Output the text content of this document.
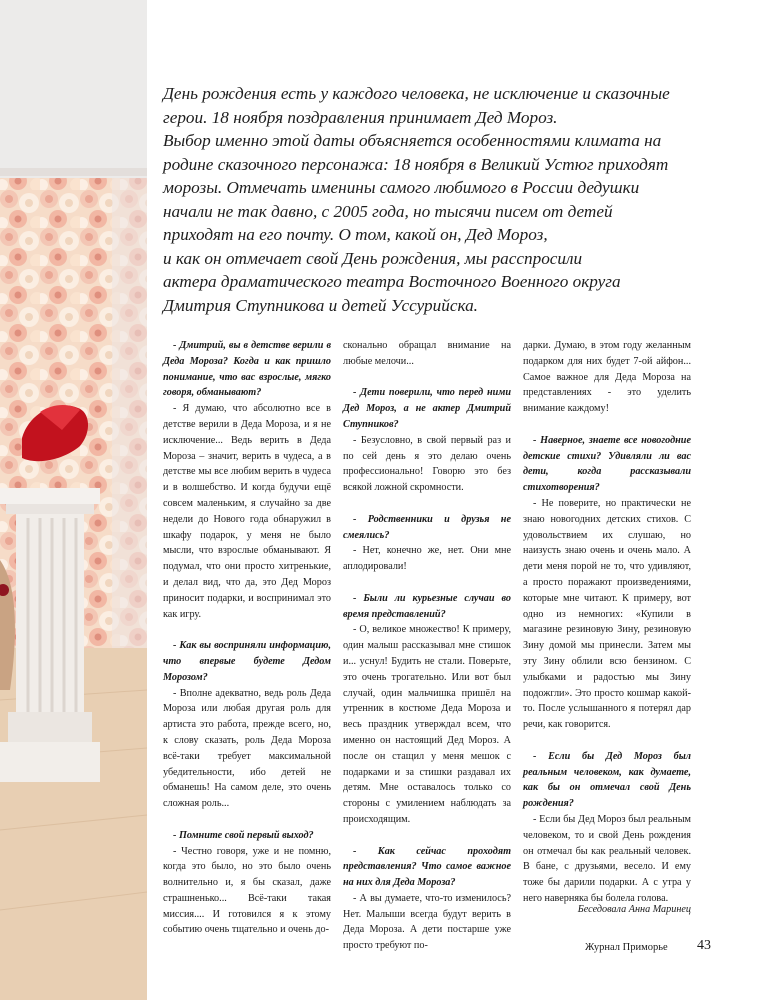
День рождения есть у каждого человека, не исключение и сказочные
герои. 18 ноября поздравления принимает Дед Мороз.
Выбор именно этой даты объясняется особенностями климата на
родине сказочного персонажа: 18 ноября в Великий Устюг приходят
морозы. Отмечать именины самого любимого в России дедушки
начали не так давно, с 2005 года, но тысячи писем от детей
приходят на его почту. О том, какой он, Дед Мороз,
и как он отмечает свой День рождения, мы расспросили
актера драматического театра Восточного Военного округа
Дмитрия Ступникова и детей Уссурийска.

- Дмитрий, вы в детстве верили в Деда Мороза? Когда и как пришло понимание, что вас взрослые, мягко говоря, обманывают?

- Я думаю, что абсолютно все в детстве верили в Деда Мороза, и я не исключение... Ведь верить в Деда Мороза – значит, верить в чудеса, а в детстве мы все любим верить в чудеса и в волшебство. И когда будучи ещё совсем маленьким, я случайно за две недели до Нового года обнаружил в шкафу подарок, у меня не было мысли, что взрослые обманывают. Я подумал, что они просто хитренькие, и делал вид, что да, это Дед Мороз приносит подарки, и воспринимал это как игру.

- Как вы восприняли информацию, что впервые будете Дедом Морозом?

- Вполне адекватно, ведь роль Деда Мороза или любая другая роль для артиста это работа, прежде всего, но, к слову сказать, роль Деда Мороза всё-таки требует максимальной убедительности, ибо детей не обманешь! На самом деле, это очень сложная роль...

- Помните свой первый выход?

- Честно говоря, уже и не помню, когда это было, но это было очень волнительно и, я бы сказал, даже страшненько... Всё-таки такая миссия.... И готовился я к этому событию очень тщательно и очень до-

сконально обращал внимание на любые мелочи...

- Дети поверили, что перед ними Дед Мороз, а не актер Дмитрий Ступников?

- Безусловно, в свой первый раз и по сей день я это делаю очень профессионально! Говорю это без всякой ложной скромности.

- Родственники и друзья не смеялись?

- Нет, конечно же, нет. Они мне аплодировали!

- Были ли курьезные случаи во время представлений?

- О, великое множество! К примеру, один малыш рассказывал мне стишок и... уснул! Будить не стали. Поверьте, это очень трогательно. Или вот был случай, один мальчишка пришёл на утренник в костюме Деда Мороза и весь праздник утверждал всем, что именно он настоящий Дед Мороз. А после он стащил у меня мешок с подарками и за стишки раздавал их детям. Мне оставалось только со стороны с умилением наблюдать за происходящим.

- Как сейчас проходят представления? Что самое важное на них для Деда Мороза?

- А вы думаете, что-то изменилось? Нет. Малыши всегда будут верить в Деда Мороза. А дети постарше уже просто требуют по-

дарки. Думаю, в этом году желанным подарком для них будет 7-ой айфон... Самое важное для Деда Мороза на представлениях - это уделить внимание каждому!

- Наверное, знаете все новогодние детские стихи? Удивляли ли вас дети, когда рассказывали стихотворения?

- Не поверите, но практически не знаю новогодних детских стихов. С удовольствием их слушаю, но наизусть знаю очень и очень мало. А дети меня порой не то, что удивляют, а просто поражают произведениями, которые мне читают. К примеру, вот одно из немногих: «Купили в магазине резиновую Зину, резиновую Зину домой мы принесли. Затем мы эту Зину облили всю бензином. С улыбками и радостью мы Зину подожгли». Это просто кошмар какой-то. После услышанного я потерял дар речи, как говорится.

- Если бы Дед Мороз был реальным человеком, как думаете, как бы он отмечал свой День рождения?

- Если бы Дед Мороз был реальным человеком, то и свой День рождения он отмечал бы как реальный человек. В бане, с друзьями, весело. И ему тоже бы дарили подарки. А с утра у него наверняка бы болела голова.

Беседовала Анна Маринец

Журнал Приморье 43
